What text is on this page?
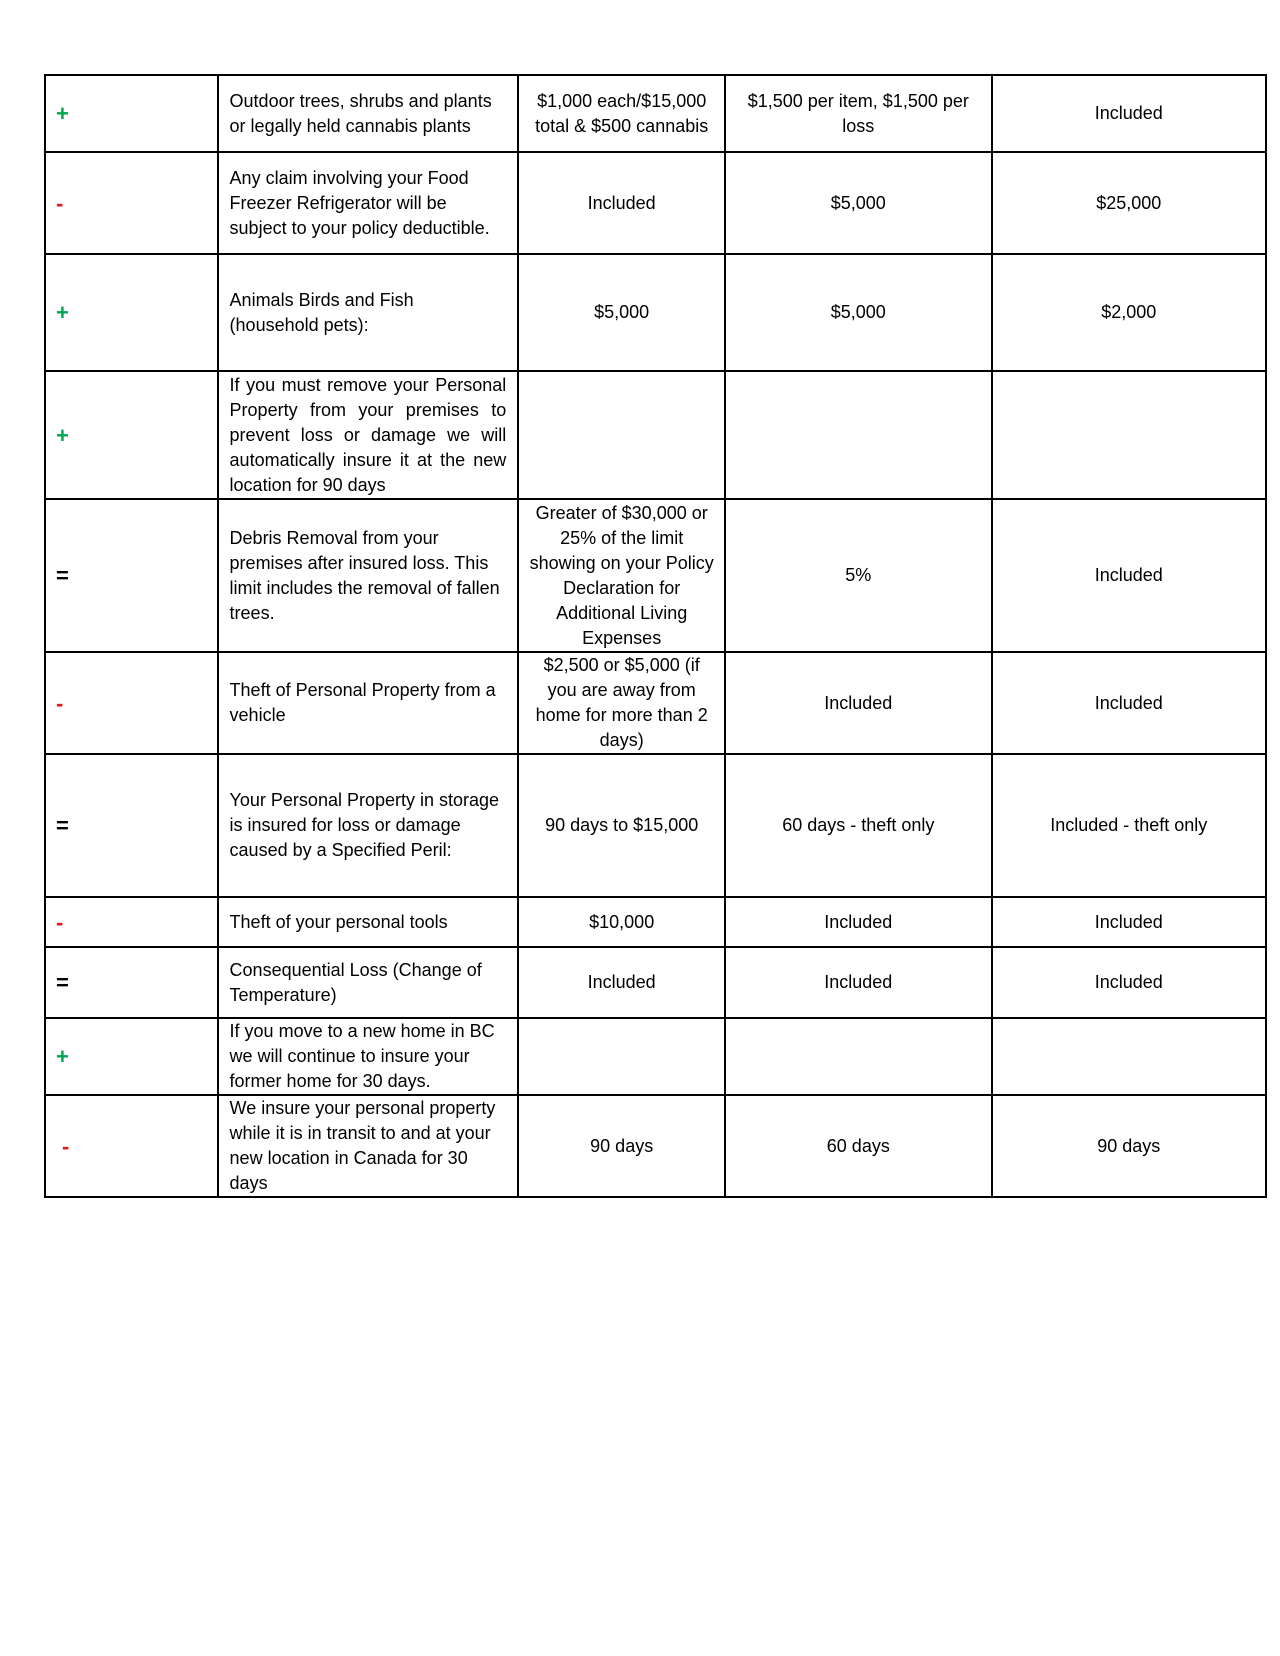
+	Outdoor trees, shrubs and plants or legally held cannabis plants	$1,000 each/$15,000 total & $500 cannabis	$1,500 per item, $1,500 per loss	Included
-	Any claim involving your Food Freezer Refrigerator will be subject to your policy deductible.	Included	$5,000	$25,000
+	Animals Birds and Fish (household pets):	$5,000	$5,000	$2,000
+	If you must remove your Personal Property from your premises to prevent loss or damage we will automatically insure it at the new location for 90 days			
=	Debris Removal from your premises after insured loss. This limit includes the removal of fallen trees.	Greater of $30,000 or 25% of the limit showing on your Policy Declaration for Additional Living Expenses	5%	Included
-	Theft of Personal Property from a vehicle	$2,500 or $5,000 (if you are away from home for more than 2 days)	Included	Included
=	Your Personal Property in storage is insured for loss or damage caused by a Specified Peril:	90 days to $15,000	60 days - theft only	Included - theft only
-	Theft of your personal tools	$10,000	Included	Included
=	Consequential Loss (Change of Temperature)	Included	Included	Included
+	If you move to a new home in BC we will continue to insure your former home for 30 days.			
-	We insure your personal property while it is in transit to and at your new location in Canada for 30 days	90 days	60 days	90 days
